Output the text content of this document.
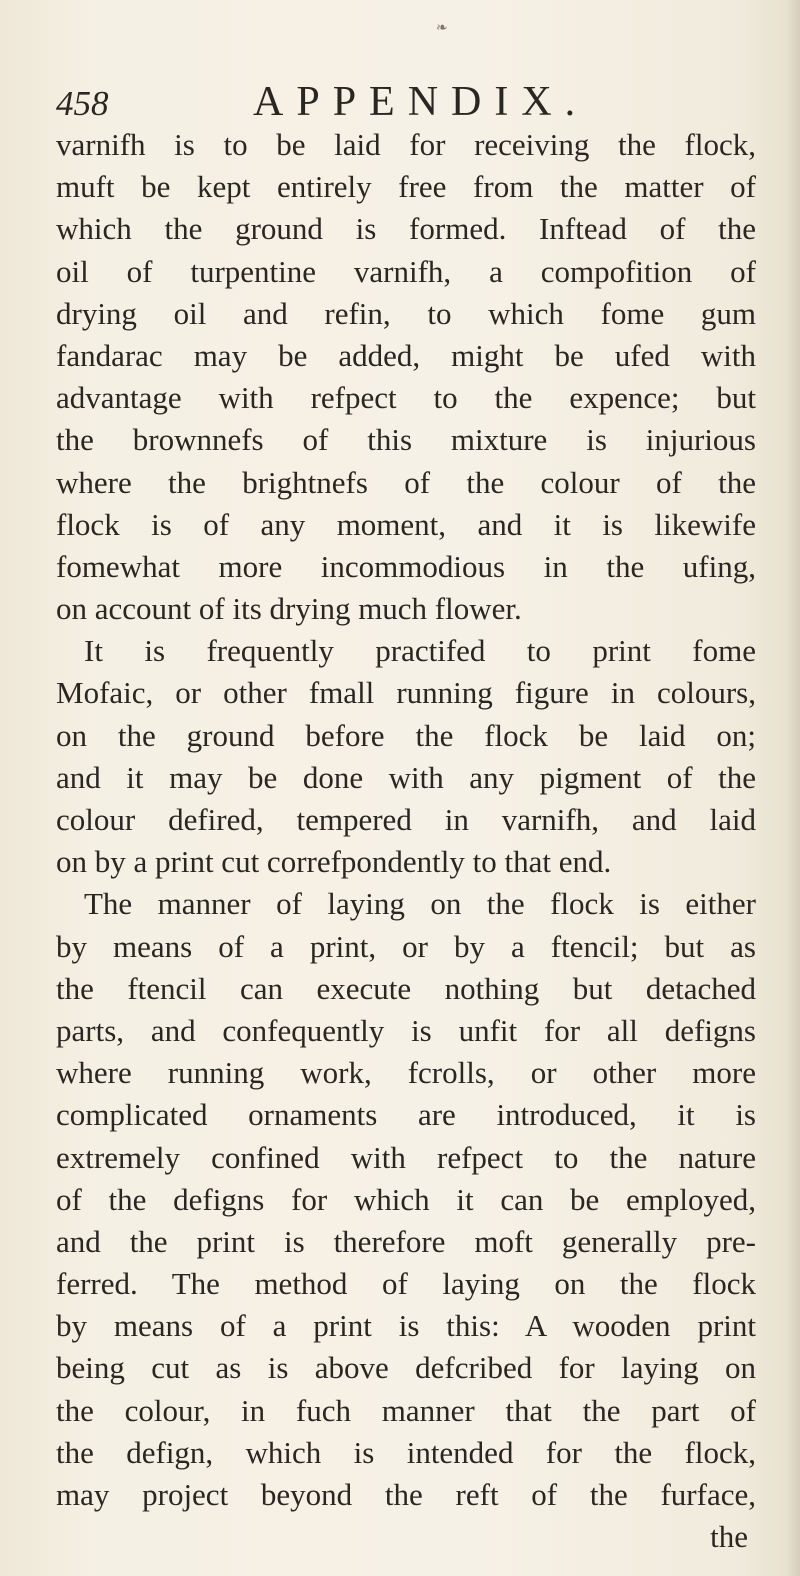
❧
458	APPENDIX.
varnifh is to be laid for receiving the flock,
muft be kept entirely free from the matter of
which the ground is formed. Inftead of the
oil of turpentine varnifh, a compofition of
drying oil and refin, to which fome gum
fandarac may be added, might be ufed with
advantage with refpect to the expence; but
the brownnefs of this mixture is injurious
where the brightnefs of the colour of the
flock is of any moment, and it is likewife
fomewhat more incommodious in the ufing,
on account of its drying much flower.
It is frequently practifed to print fome
Mofaic, or other fmall running figure in colours,
on the ground before the flock be laid on;
and it may be done with any pigment of the
colour defired, tempered in varnifh, and laid
on by a print cut correfpondently to that end.
The manner of laying on the flock is either
by means of a print, or by a ftencil; but as
the ftencil can execute nothing but detached
parts, and confequently is unfit for all defigns
where running work, fcrolls, or other more
complicated ornaments are introduced, it is
extremely confined with refpect to the nature
of the defigns for which it can be employed,
and the print is therefore moft generally pre-
ferred. The method of laying on the flock
by means of a print is this: A wooden print
being cut as is above defcribed for laying on
the colour, in fuch manner that the part of
the defign, which is intended for the flock,
may project beyond the reft of the furface,
the
